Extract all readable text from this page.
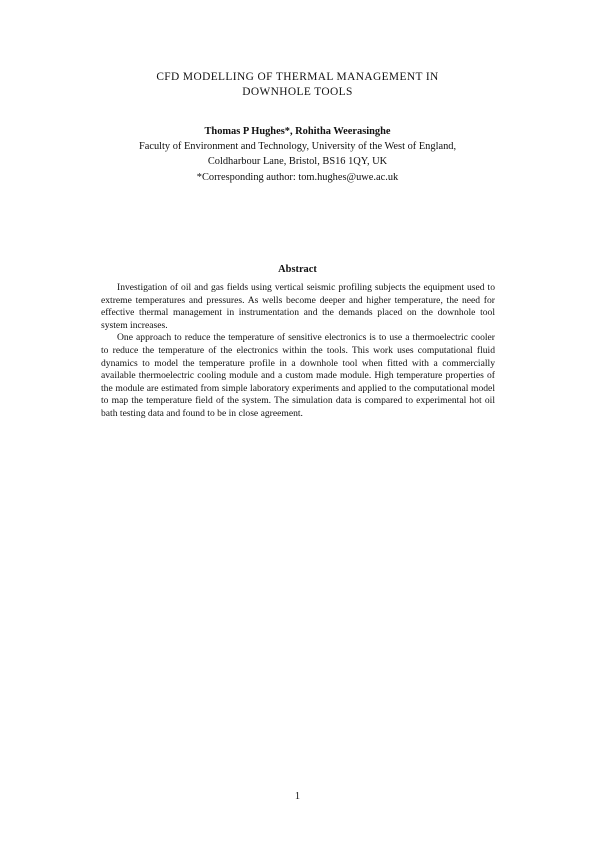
CFD MODELLING OF THERMAL MANAGEMENT IN
DOWNHOLE TOOLS
Thomas P Hughes*, Rohitha Weerasinghe
Faculty of Environment and Technology, University of the West of England,
Coldharbour Lane, Bristol, BS16 1QY, UK
*Corresponding author: tom.hughes@uwe.ac.uk
Abstract

Investigation of oil and gas fields using vertical seismic profiling subjects the equipment used to extreme temperatures and pressures. As wells become deeper and higher temperature, the need for effective thermal management in instrumentation and the demands placed on the downhole tool system increases.

One approach to reduce the temperature of sensitive electronics is to use a thermoelectric cooler to reduce the temperature of the electronics within the tools. This work uses computational fluid dynamics to model the temperature profile in a downhole tool when fitted with a commercially available thermoelectric cooling module and a custom made module. High temperature properties of the module are estimated from simple laboratory experiments and applied to the computational model to map the temperature field of the system. The simulation data is compared to experimental hot oil bath testing data and found to be in close agreement.

1
